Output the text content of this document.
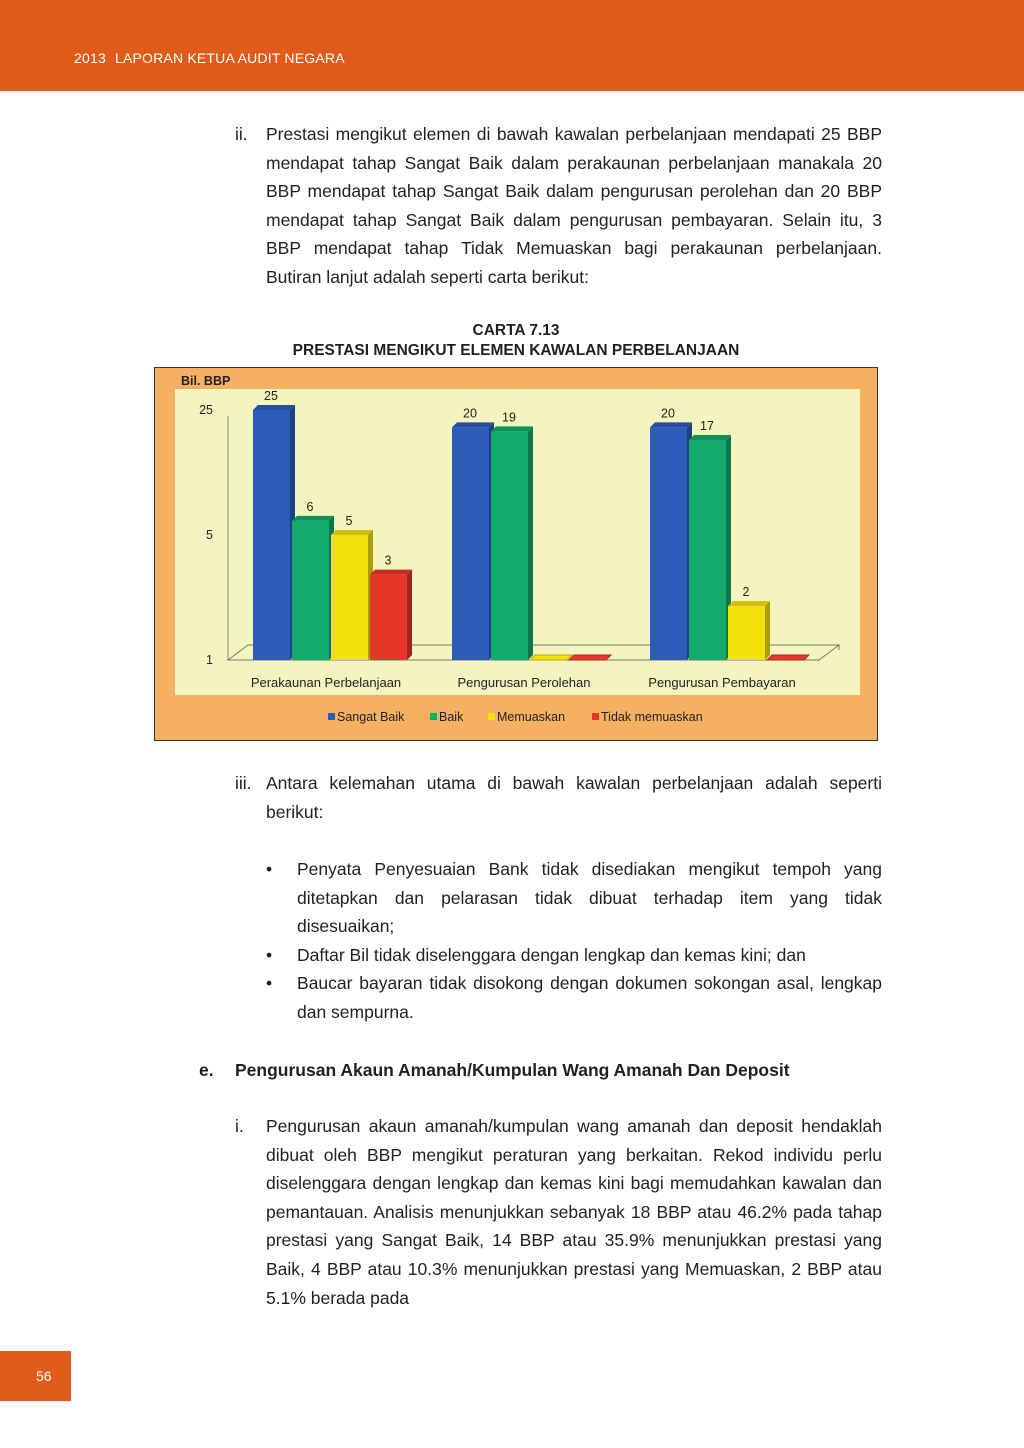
2013 LAPORAN KETUA AUDIT NEGARA
ii. Prestasi mengikut elemen di bawah kawalan perbelanjaan mendapati 25 BBP mendapat tahap Sangat Baik dalam perakaunan perbelanjaan manakala 20 BBP mendapat tahap Sangat Baik dalam pengurusan perolehan dan 20 BBP mendapat tahap Sangat Baik dalam pengurusan pembayaran. Selain itu, 3 BBP mendapat tahap Tidak Memuaskan bagi perakaunan perbelanjaan. Butiran lanjut adalah seperti carta berikut:
CARTA 7.13
PRESTASI MENGIKUT ELEMEN KAWALAN PERBELANJAAN
Bil. BBP
1
5
25
25
6
5
3
Perakaunan Perbelanjaan
20 19
Pengurusan Perolehan
20
17
2
Pengurusan Pembayaran
Sangat Baik	Baik	Memuaskan	Tidak memuaskan
iii. Antara kelemahan utama di bawah kawalan perbelanjaan adalah seperti berikut:
• Penyata Penyesuaian Bank tidak disediakan mengikut tempoh yang ditetapkan dan pelarasan tidak dibuat terhadap item yang tidak disesuaikan;
• Daftar Bil tidak diselenggara dengan lengkap dan kemas kini; dan
• Baucar bayaran tidak disokong dengan dokumen sokongan asal, lengkap dan sempurna.
e. Pengurusan Akaun Amanah/Kumpulan Wang Amanah Dan Deposit
i. Pengurusan akaun amanah/kumpulan wang amanah dan deposit hendaklah dibuat oleh BBP mengikut peraturan yang berkaitan. Rekod individu perlu diselenggara dengan lengkap dan kemas kini bagi memudahkan kawalan dan pemantauan. Analisis menunjukkan sebanyak 18 BBP atau 46.2% pada tahap prestasi yang Sangat Baik, 14 BBP atau 35.9% menunjukkan prestasi yang Baik, 4 BBP atau 10.3% menunjukkan prestasi yang Memuaskan, 2 BBP atau 5.1% berada pada
56
